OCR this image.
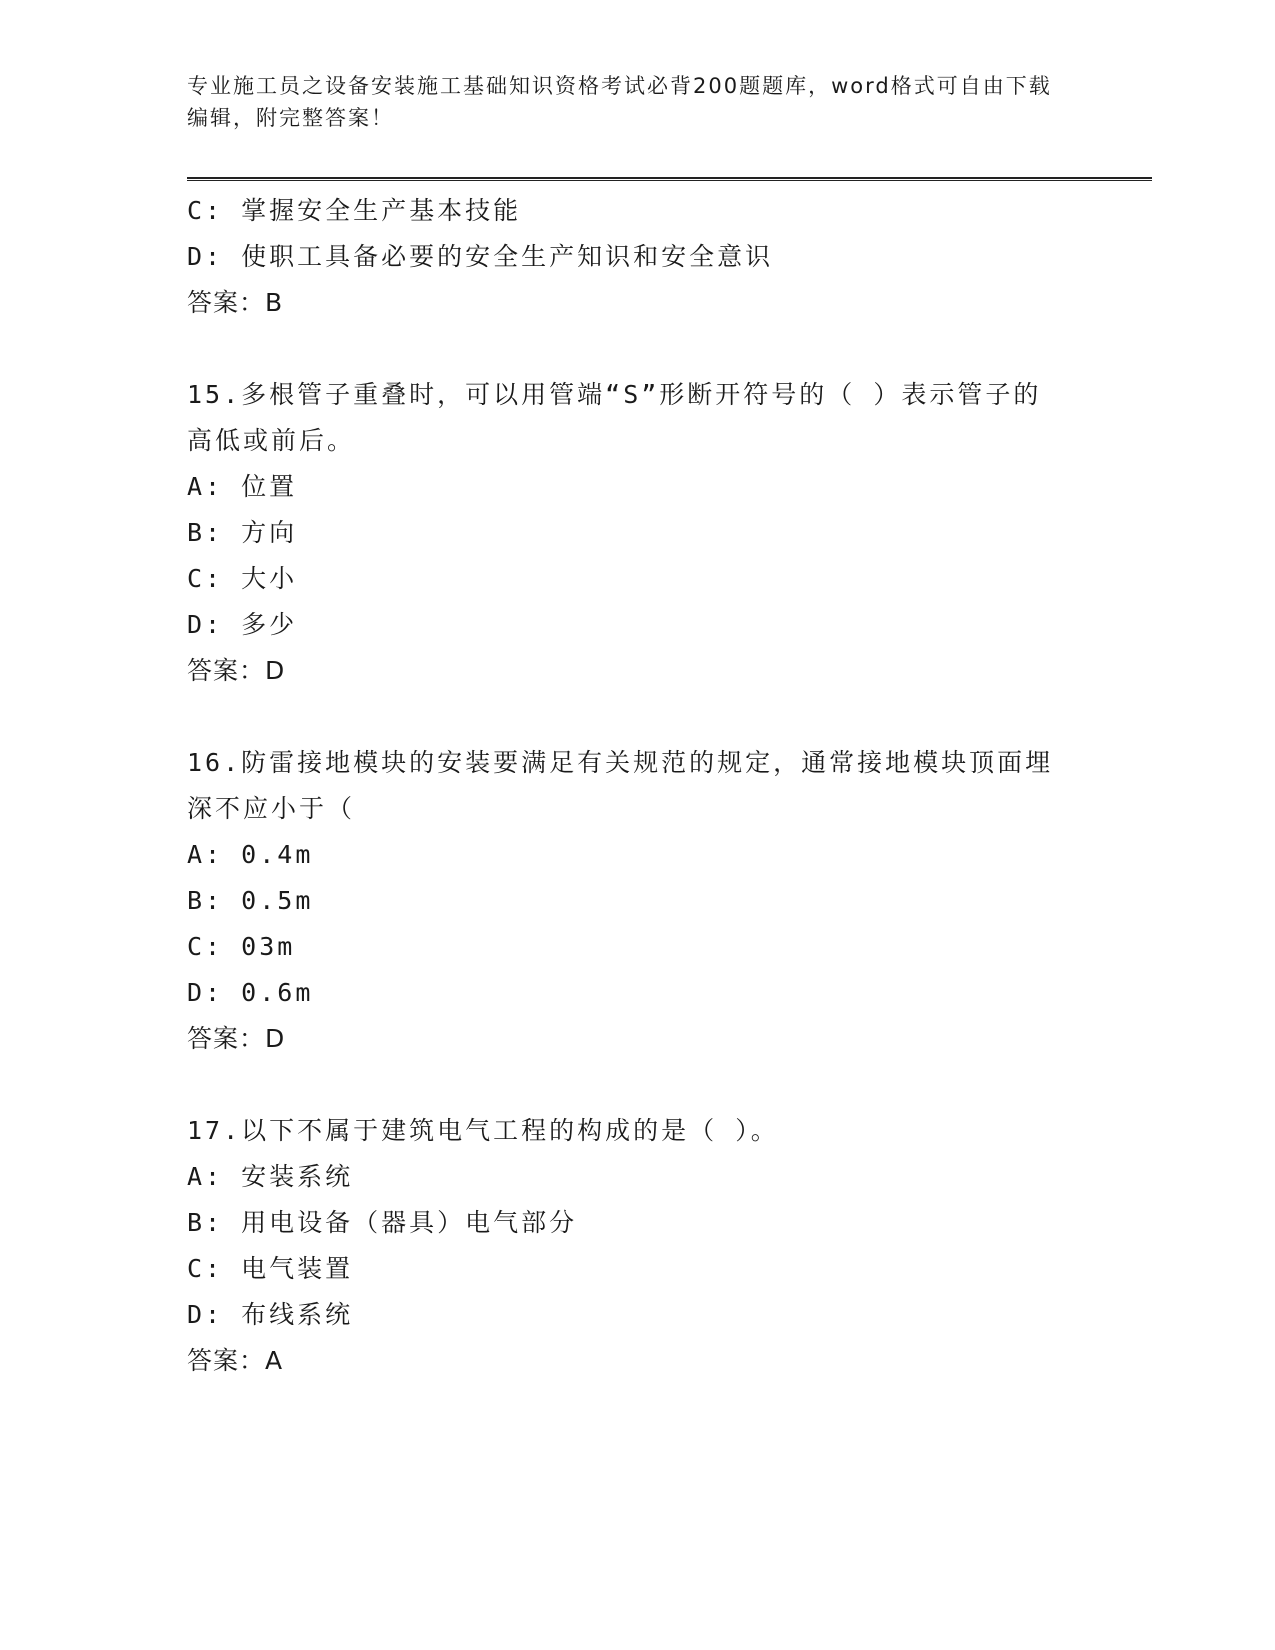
专业施工员之设备安装施工基础知识资格考试必背200题题库，word格式可自由下载编辑，附完整答案！
C: 掌握安全生产基本技能
D: 使职工具备必要的安全生产知识和安全意识
答案：B
15.多根管子重叠时，可以用管端“S”形断开符号的（ ）表示管子的
高低或前后。
A: 位置
B: 方向
C: 大小
D: 多少
答案：D
16.防雷接地模块的安装要满足有关规范的规定，通常接地模块顶面埋
深不应小于（
A: 0.4m
B: 0.5m
C: 03m
D: 0.6m
答案：D
17.以下不属于建筑电气工程的构成的是（ ）。
A: 安装系统
B: 用电设备（器具）电气部分
C: 电气装置
D: 布线系统
答案：A
